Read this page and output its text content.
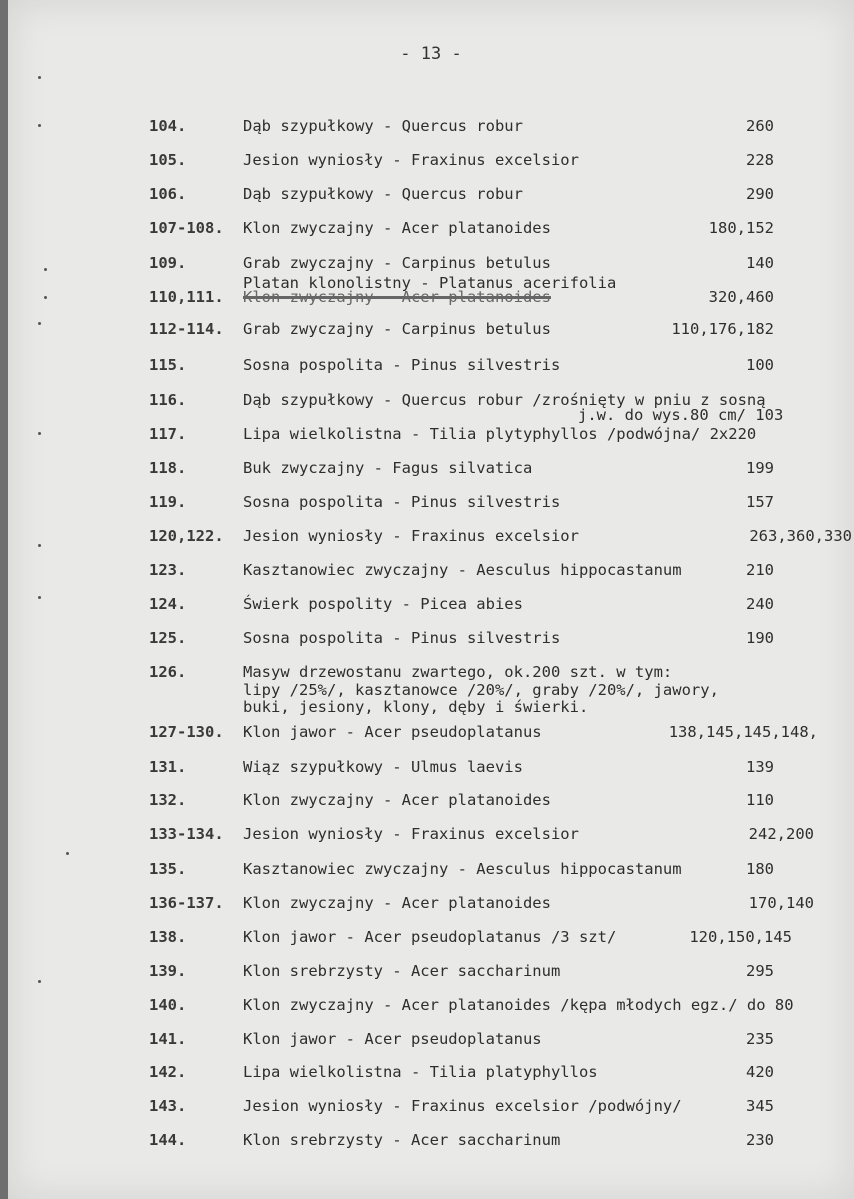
- 13 -
104.	Dąb szypułkowy - Quercus robur	260
105.	Jesion wyniosły - Fraxinus excelsior	228
106.	Dąb szypułkowy - Quercus robur	290
107-108. Klon zwyczajny - Acer platanoides	180,152
109.	Grab zwyczajny - Carpinus betulus	140
Platan klonolistny - Platanus acerifolia
110,111. Klon zwyczajny - Acer platanoides	320,460
112-114. Grab zwyczajny - Carpinus betulus	110,176,182
115.	Sosna pospolita - Pinus silvestris	100
116.	Dąb szypułkowy - Quercus robur /zrośnięty w pniu z sosną
j.w. do wys.80 cm/ 103
117.	Lipa wielkolistna - Tilia plytyphyllos /podwójna/ 2x220
118.	Buk zwyczajny - Fagus silvatica	199
119.	Sosna pospolita - Pinus silvestris	157
120,122. Jesion wyniosły - Fraxinus excelsior	263,360,330
123.	Kasztanowiec zwyczajny - Aesculus hippocastanum	210
124.	Świerk pospolity - Picea abies	240
125.	Sosna pospolita - Pinus silvestris	190
126.	Masyw drzewostanu zwartego, ok.200 szt. w tym:
lipy /25%/, kasztanowce /20%/, graby /20%/, jawory,
buki, jesiony, klony, dęby i świerki.
127-130. Klon jawor - Acer pseudoplatanus	138,145,145,148,
131.	Wiąz szypułkowy - Ulmus laevis	139
132.	Klon zwyczajny - Acer platanoides	110
133-134. Jesion wyniosły - Fraxinus excelsior	242,200
135.	Kasztanowiec zwyczajny - Aesculus hippocastanum	180
136-137. Klon zwyczajny - Acer platanoides	170,140
138.	Klon jawor - Acer pseudoplatanus /3 szt/	120,150,145
139.	Klon srebrzysty - Acer saccharinum	295
140.	Klon zwyczajny - Acer platanoides /kępa młodych egz./ do 80
141.	Klon jawor - Acer pseudoplatanus	235
142.	Lipa wielkolistna - Tilia platyphyllos	420
143.	Jesion wyniosły - Fraxinus excelsior /podwójny/	345
144.	Klon srebrzysty - Acer saccharinum	230
